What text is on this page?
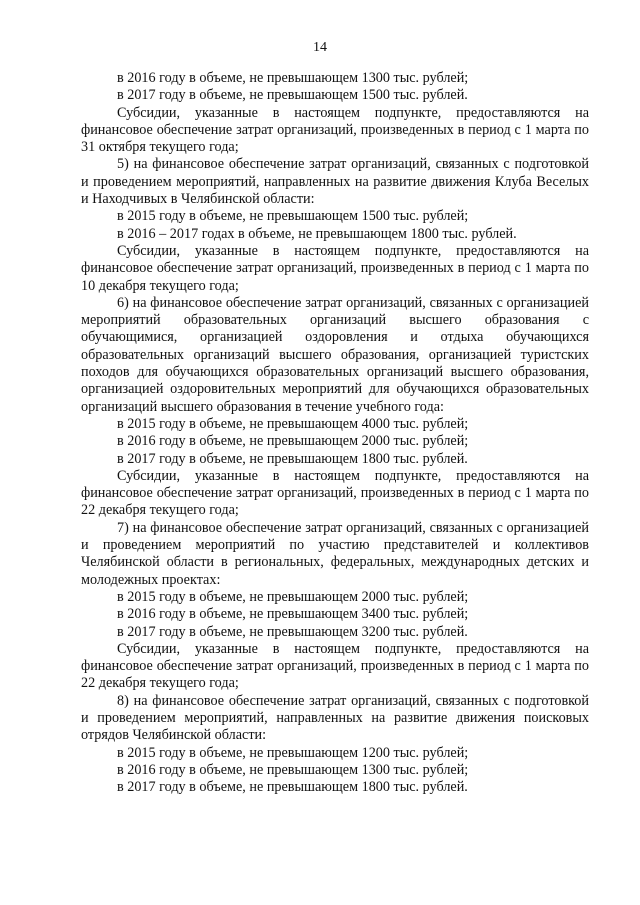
14

в 2016 году в объеме, не превышающем 1300 тыс. рублей;

в 2017 году в объеме, не превышающем 1500 тыс. рублей.

Субсидии, указанные в настоящем подпункте, предоставляются на финансовое обеспечение затрат организаций, произведенных в период с 1 марта по 31 октября текущего года;

5) на финансовое обеспечение затрат организаций, связанных с подготовкой и проведением мероприятий, направленных на развитие движения Клуба Веселых и Находчивых в Челябинской области:

в 2015 году в объеме, не превышающем 1500 тыс. рублей;

в 2016 – 2017 годах в объеме, не превышающем 1800 тыс. рублей.

Субсидии, указанные в настоящем подпункте, предоставляются на финансовое обеспечение затрат организаций, произведенных в период с 1 марта по 10 декабря текущего года;

6) на финансовое обеспечение затрат организаций, связанных с организацией мероприятий образовательных организаций высшего образования с обучающимися, организацией оздоровления и отдыха обучающихся образовательных организаций высшего образования, организацией туристских походов для обучающихся образовательных организаций высшего образования, организацией оздоровительных мероприятий для обучающихся образовательных организаций высшего образования в течение учебного года:

в 2015 году в объеме, не превышающем 4000 тыс. рублей;

в 2016 году в объеме, не превышающем 2000 тыс. рублей;

в 2017 году в объеме, не превышающем 1800 тыс. рублей.

Субсидии, указанные в настоящем подпункте, предоставляются на финансовое обеспечение затрат организаций, произведенных в период с 1 марта по 22 декабря текущего года;

7) на финансовое обеспечение затрат организаций, связанных с организацией и проведением мероприятий по участию представителей и коллективов Челябинской области в региональных, федеральных, международных детских и молодежных проектах:

в 2015 году в объеме, не превышающем 2000 тыс. рублей;

в 2016 году в объеме, не превышающем 3400 тыс. рублей;

в 2017 году в объеме, не превышающем 3200 тыс. рублей.

Субсидии, указанные в настоящем подпункте, предоставляются на финансовое обеспечение затрат организаций, произведенных в период с 1 марта по 22 декабря текущего года;

8) на финансовое обеспечение затрат организаций, связанных с подготовкой и проведением мероприятий, направленных на развитие движения поисковых отрядов Челябинской области:

в 2015 году в объеме, не превышающем 1200 тыс. рублей;

в 2016 году в объеме, не превышающем 1300 тыс. рублей;

в 2017 году в объеме, не превышающем 1800 тыс. рублей.
